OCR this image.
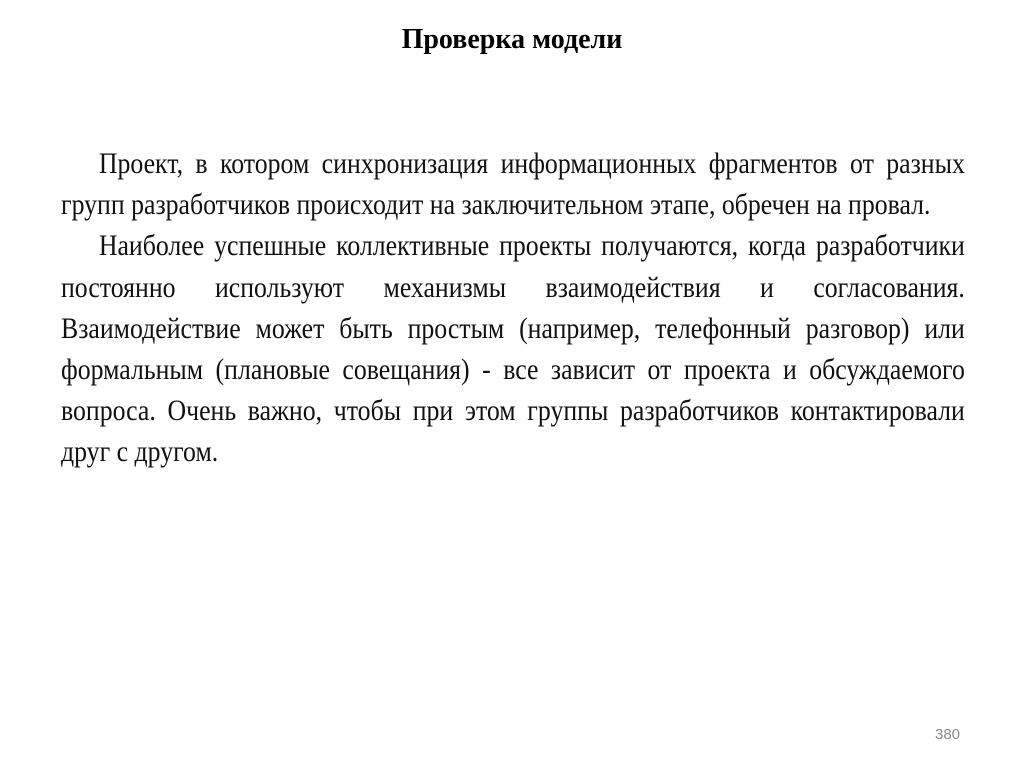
Проверка модели

Проект, в котором синхронизация информационных фрагментов от разных групп разработчиков происходит на заключительном этапе, обречен на провал.

Наиболее успешные коллективные проекты получаются, когда разработчики постоянно используют механизмы взаимодействия и согласования. Взаимодействие может быть простым (например, телефонный разговор) или формальным (плановые совещания) - все зависит от проекта и обсуждаемого вопроса. Очень важно, чтобы при этом группы разработчиков контактировали друг с другом.

380
